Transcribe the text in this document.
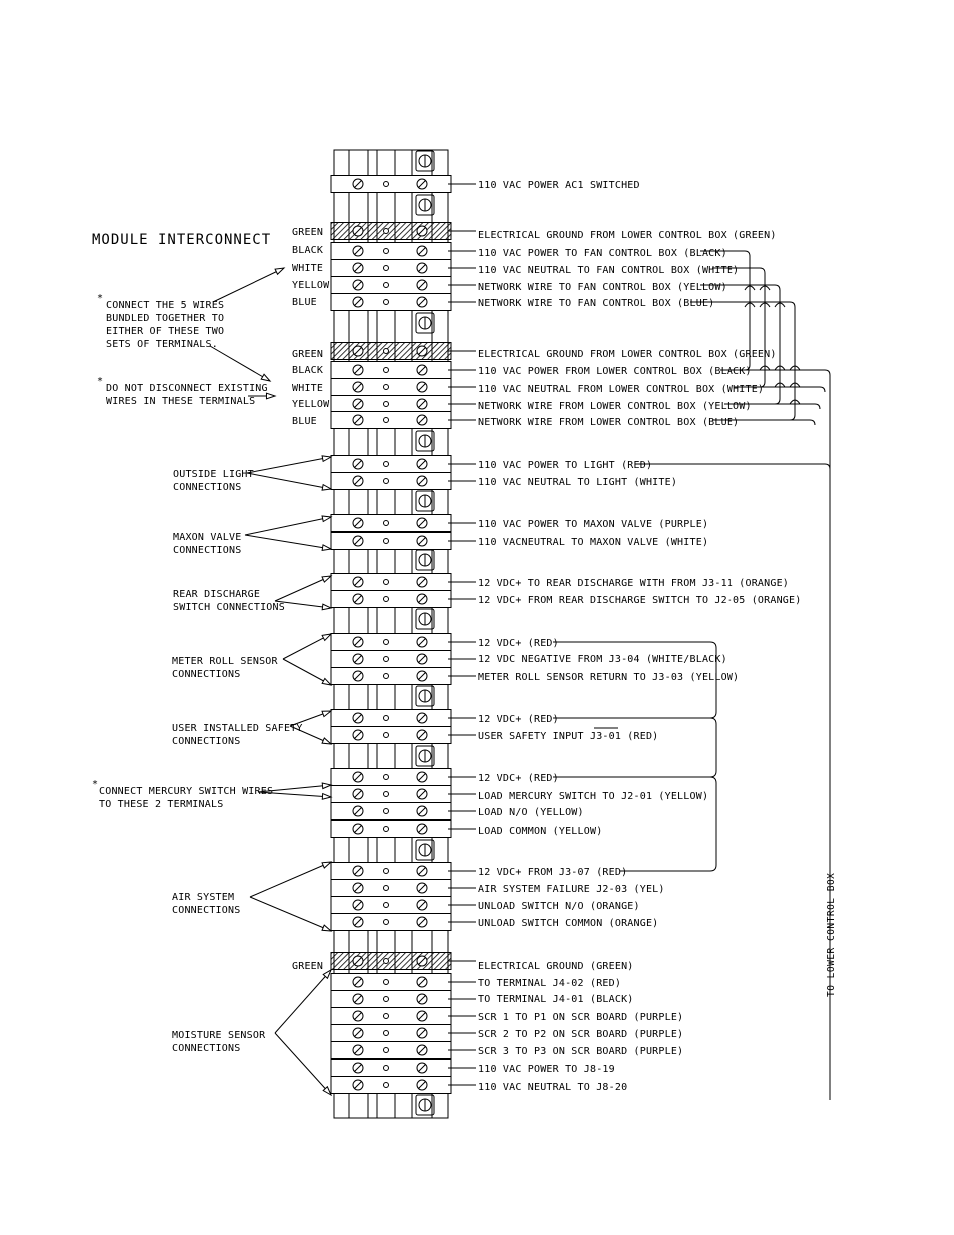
MODULE INTERCONNECT
110 VAC POWER AC1 SWITCHED
GREEN
BLACK
WHITE
YELLOW
BLUE
GREEN
BLACK
WHITE
YELLOW
BLUE
GREEN
*
CONNECT THE 5 WIRES
BUNDLED TOGETHER TO
EITHER OF THESE TWO
SETS OF TERMINALS.
*
DO NOT DISCONNECT EXISTING
WIRES IN THESE TERMINALS
OUTSIDE LIGHT
CONNECTIONS
MAXON VALVE
CONNECTIONS
REAR DISCHARGE
SWITCH CONNECTIONS
METER ROLL SENSOR
CONNECTIONS
USER INSTALLED SAFETY
CONNECTIONS
*
CONNECT MERCURY SWITCH WIRES
TO THESE 2 TERMINALS
AIR SYSTEM
CONNECTIONS
MOISTURE SENSOR
CONNECTIONS
ELECTRICAL GROUND FROM LOWER CONTROL BOX (GREEN)
110 VAC POWER TO FAN CONTROL BOX (BLACK)
110 VAC NEUTRAL TO FAN CONTROL BOX (WHITE)
NETWORK WIRE TO FAN CONTROL BOX (YELLOW)
NETWORK WIRE TO FAN CONTROL BOX (BLUE)
ELECTRICAL GROUND FROM LOWER CONTROL BOX (GREEN)
110 VAC POWER FROM LOWER CONTROL BOX (BLACK)
110 VAC NEUTRAL FROM LOWER CONTROL BOX (WHITE)
NETWORK WIRE FROM LOWER CONTROL BOX (YELLOW)
NETWORK WIRE FROM LOWER CONTROL BOX (BLUE)
110 VAC POWER TO LIGHT (RED)
110 VAC NEUTRAL TO LIGHT (WHITE)
110 VAC POWER TO MAXON VALVE (PURPLE)
110 VACNEUTRAL TO MAXON VALVE (WHITE)
12 VDC+ TO REAR DISCHARGE WITH FROM J3-11 (ORANGE)
12 VDC+ FROM REAR DISCHARGE SWITCH TO J2-05 (ORANGE)
12 VDC+ (RED)
12 VDC NEGATIVE FROM J3-04 (WHITE/BLACK)
METER ROLL SENSOR RETURN TO J3-03 (YELLOW)
12 VDC+ (RED)
USER SAFETY INPUT J3-01 (RED)
12 VDC+ (RED)
LOAD MERCURY SWITCH TO J2-01 (YELLOW)
LOAD N/O (YELLOW)
LOAD COMMON (YELLOW)
12 VDC+ FROM J3-07 (RED)
AIR SYSTEM FAILURE J2-03 (YEL)
UNLOAD SWITCH N/O (ORANGE)
UNLOAD SWITCH COMMON (ORANGE)
ELECTRICAL GROUND (GREEN)
TO TERMINAL J4-02 (RED)
TO TERMINAL J4-01 (BLACK)
SCR 1 TO P1 ON SCR BOARD (PURPLE)
SCR 2 TO P2 ON SCR BOARD (PURPLE)
SCR 3 TO P3 ON SCR BOARD (PURPLE)
110 VAC POWER TO J8-19
110 VAC NEUTRAL TO J8-20
TO LOWER CONTROL BOX
